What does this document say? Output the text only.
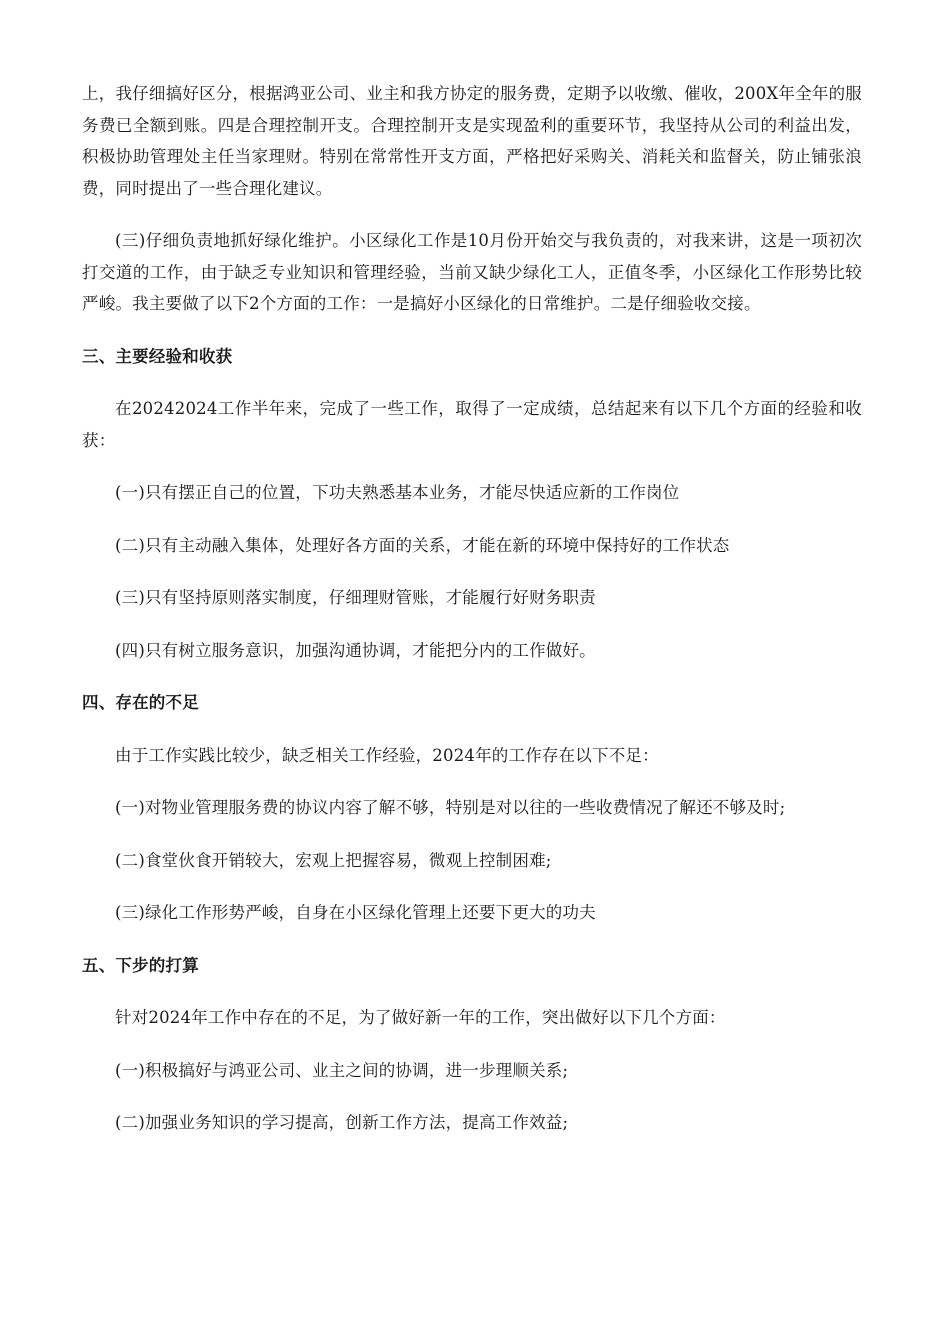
上，我仔细搞好区分，根据鸿亚公司、业主和我方协定的服务费，定期予以收缴、催收，200X年全年的服务费已全额到账。四是合理控制开支。合理控制开支是实现盈利的重要环节，我坚持从公司的利益出发，积极协助管理处主任当家理财。特别在常常性开支方面，严格把好采购关、消耗关和监督关，防止铺张浪费，同时提出了一些合理化建议。

(三)仔细负责地抓好绿化维护。小区绿化工作是10月份开始交与我负责的，对我来讲，这是一项初次打交道的工作，由于缺乏专业知识和管理经验，当前又缺少绿化工人，正值冬季，小区绿化工作形势比较严峻。我主要做了以下2个方面的工作：一是搞好小区绿化的日常维护。二是仔细验收交接。

三、主要经验和收获

在20242024工作半年来，完成了一些工作，取得了一定成绩，总结起来有以下几个方面的经验和收获：

(一)只有摆正自己的位置，下功夫熟悉基本业务，才能尽快适应新的工作岗位

(二)只有主动融入集体，处理好各方面的关系，才能在新的环境中保持好的工作状态

(三)只有坚持原则落实制度，仔细理财管账，才能履行好财务职责

(四)只有树立服务意识，加强沟通协调，才能把分内的工作做好。

四、存在的不足

由于工作实践比较少，缺乏相关工作经验，2024年的工作存在以下不足：

(一)对物业管理服务费的协议内容了解不够，特别是对以往的一些收费情况了解还不够及时;

(二)食堂伙食开销较大，宏观上把握容易，微观上控制困难;

(三)绿化工作形势严峻，自身在小区绿化管理上还要下更大的功夫

五、下步的打算

针对2024年工作中存在的不足，为了做好新一年的工作，突出做好以下几个方面：

(一)积极搞好与鸿亚公司、业主之间的协调，进一步理顺关系;

(二)加强业务知识的学习提高，创新工作方法，提高工作效益;
